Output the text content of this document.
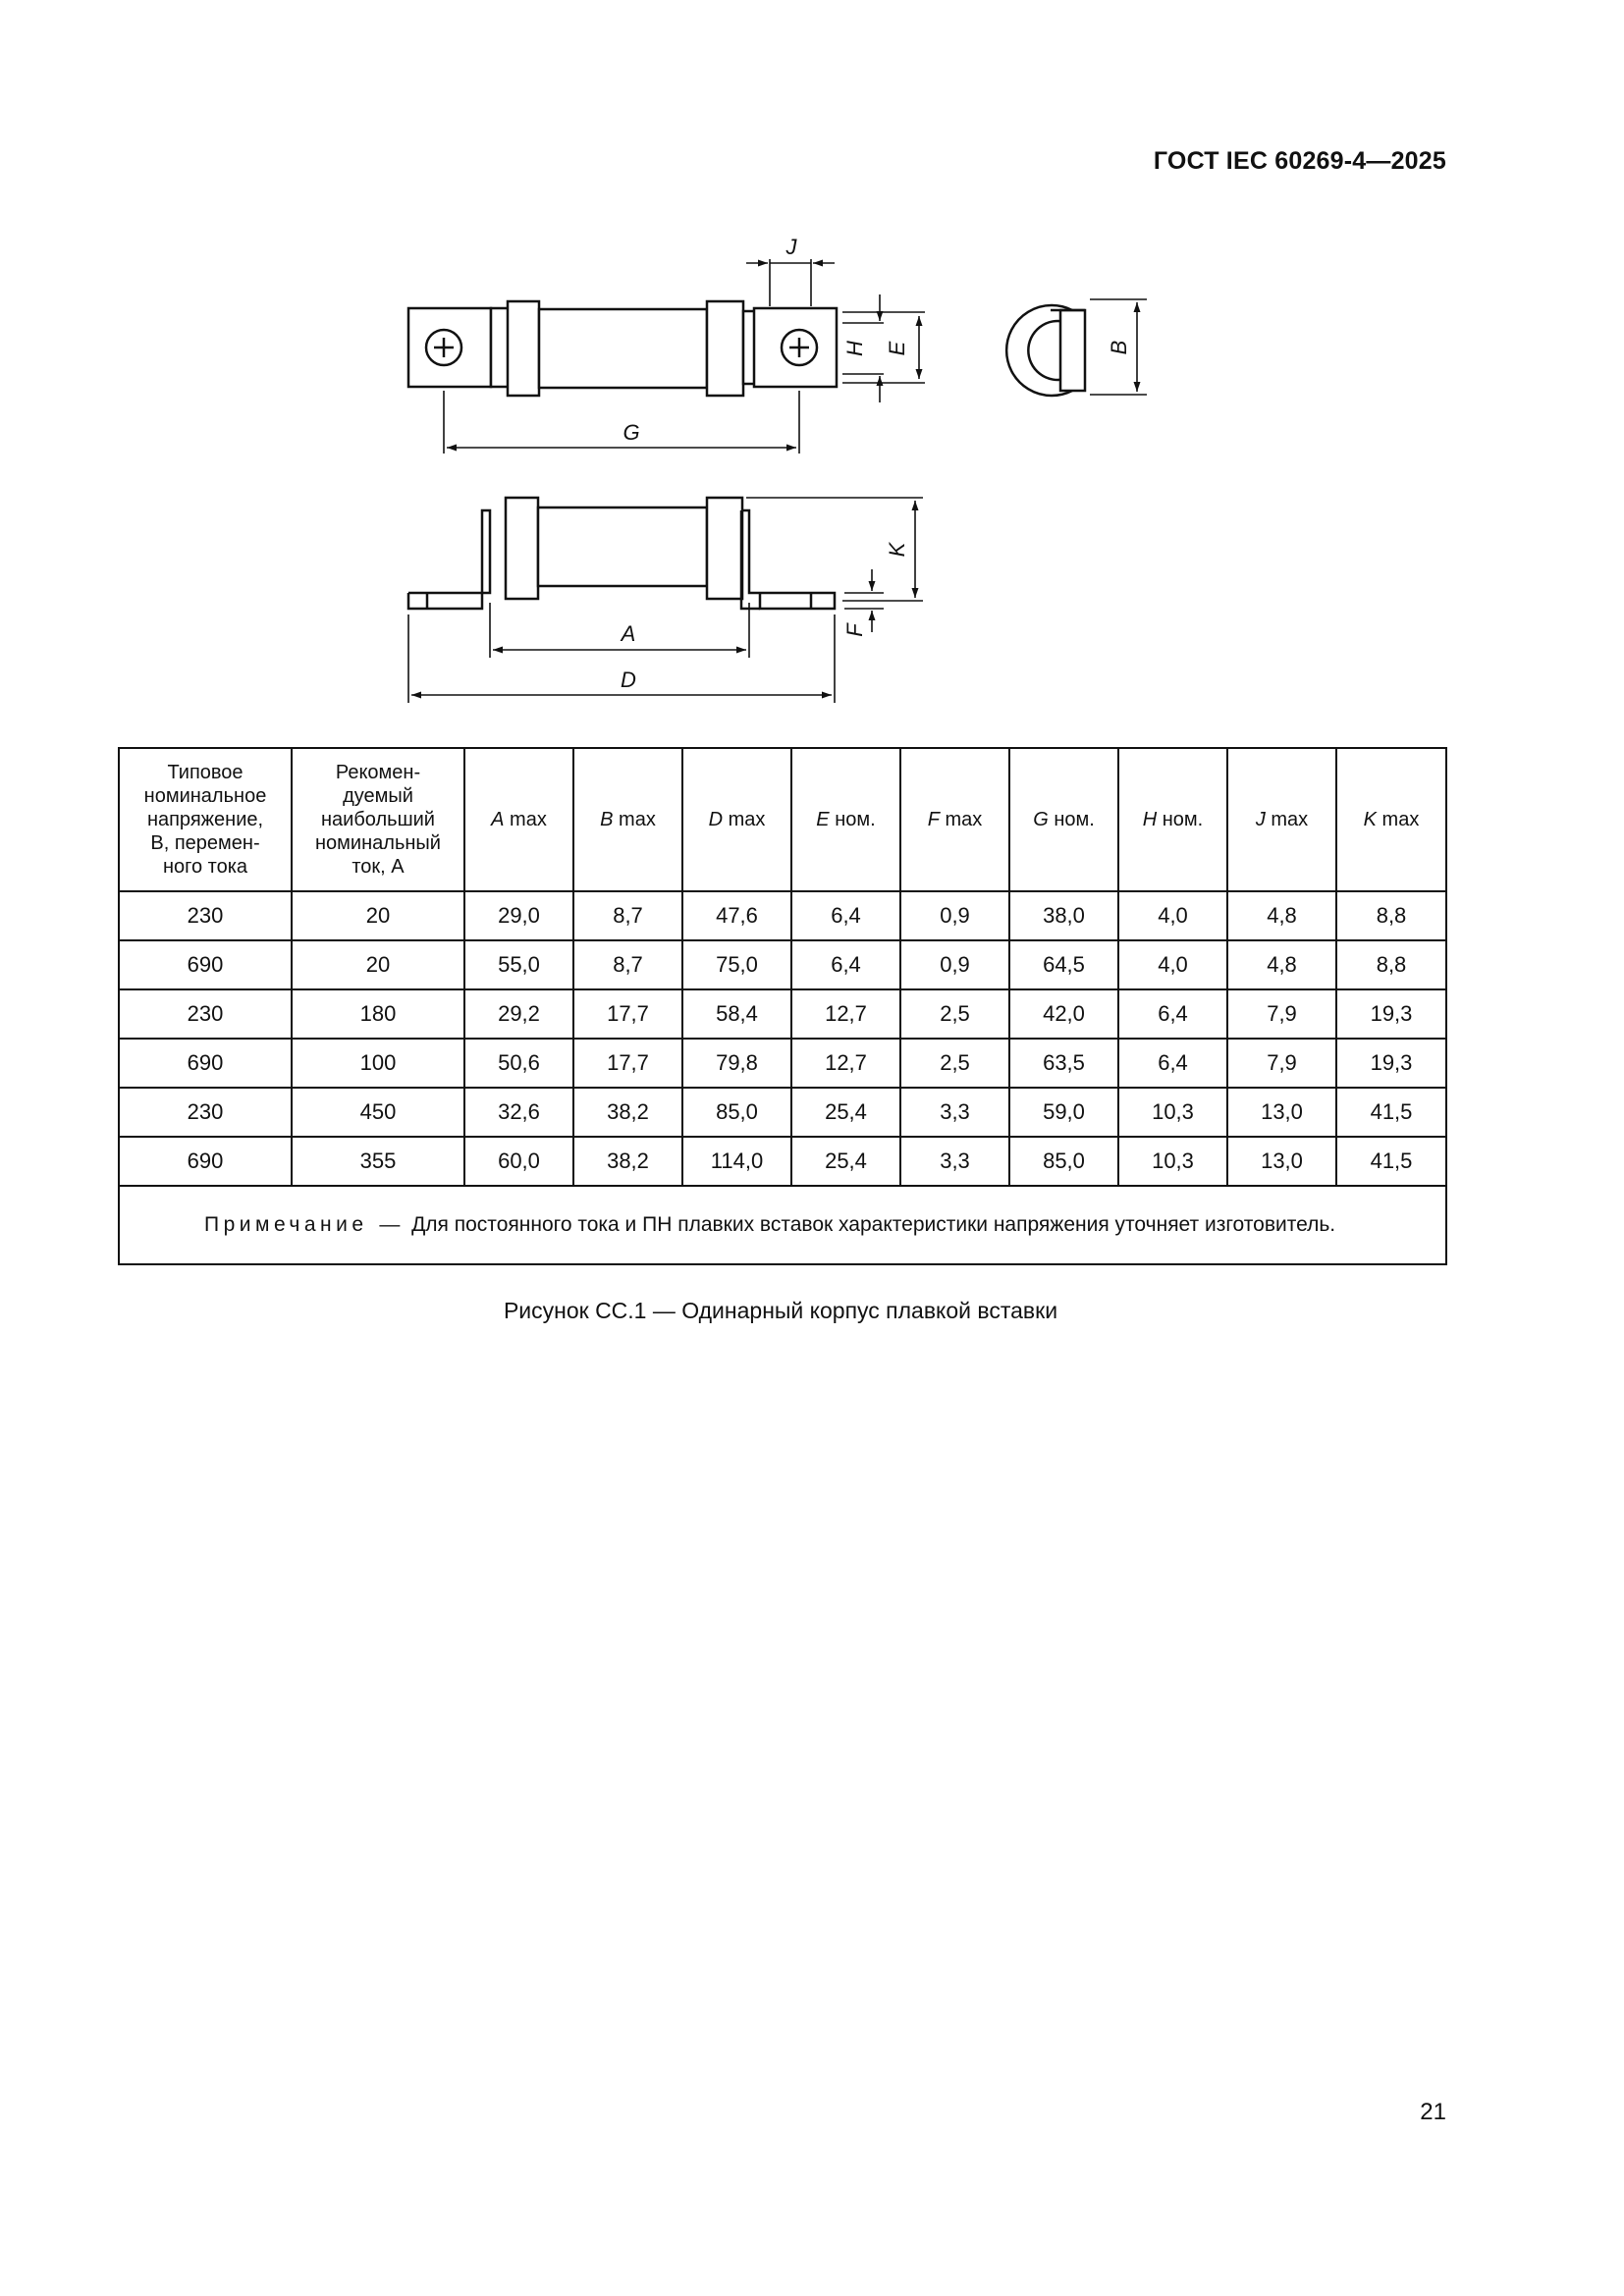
ГОСТ IEC 60269-4—2025
J
H E	B
G
K
F
A
D
Типовое
номинальное
напряжение,
В, перемен-
ного тока	Рекомен-
дуемый
наибольший
номинальный
ток, А	A max	B max	D max	E ном.	F max	G ном.	H ном.	J max	K max
230	20	29,0	8,7	47,6	6,4	0,9	38,0	4,0	4,8	8,8
690	20	55,0	8,7	75,0	6,4	0,9	64,5	4,0	4,8	8,8
230	180	29,2	17,7	58,4	12,7	2,5	42,0	6,4	7,9	19,3
690	100	50,6	17,7	79,8	12,7	2,5	63,5	6,4	7,9	19,3
230	450	32,6	38,2	85,0	25,4	3,3	59,0	10,3	13,0	41,5
690	355	60,0	38,2	114,0	25,4	3,3	85,0	10,3	13,0	41,5
Примечание — Для постоянного тока и ПН плавких вставок характеристики напряжения уточняет изготовитель.										
Рисунок СС.1 — Одинарный корпус плавкой вставки
21
